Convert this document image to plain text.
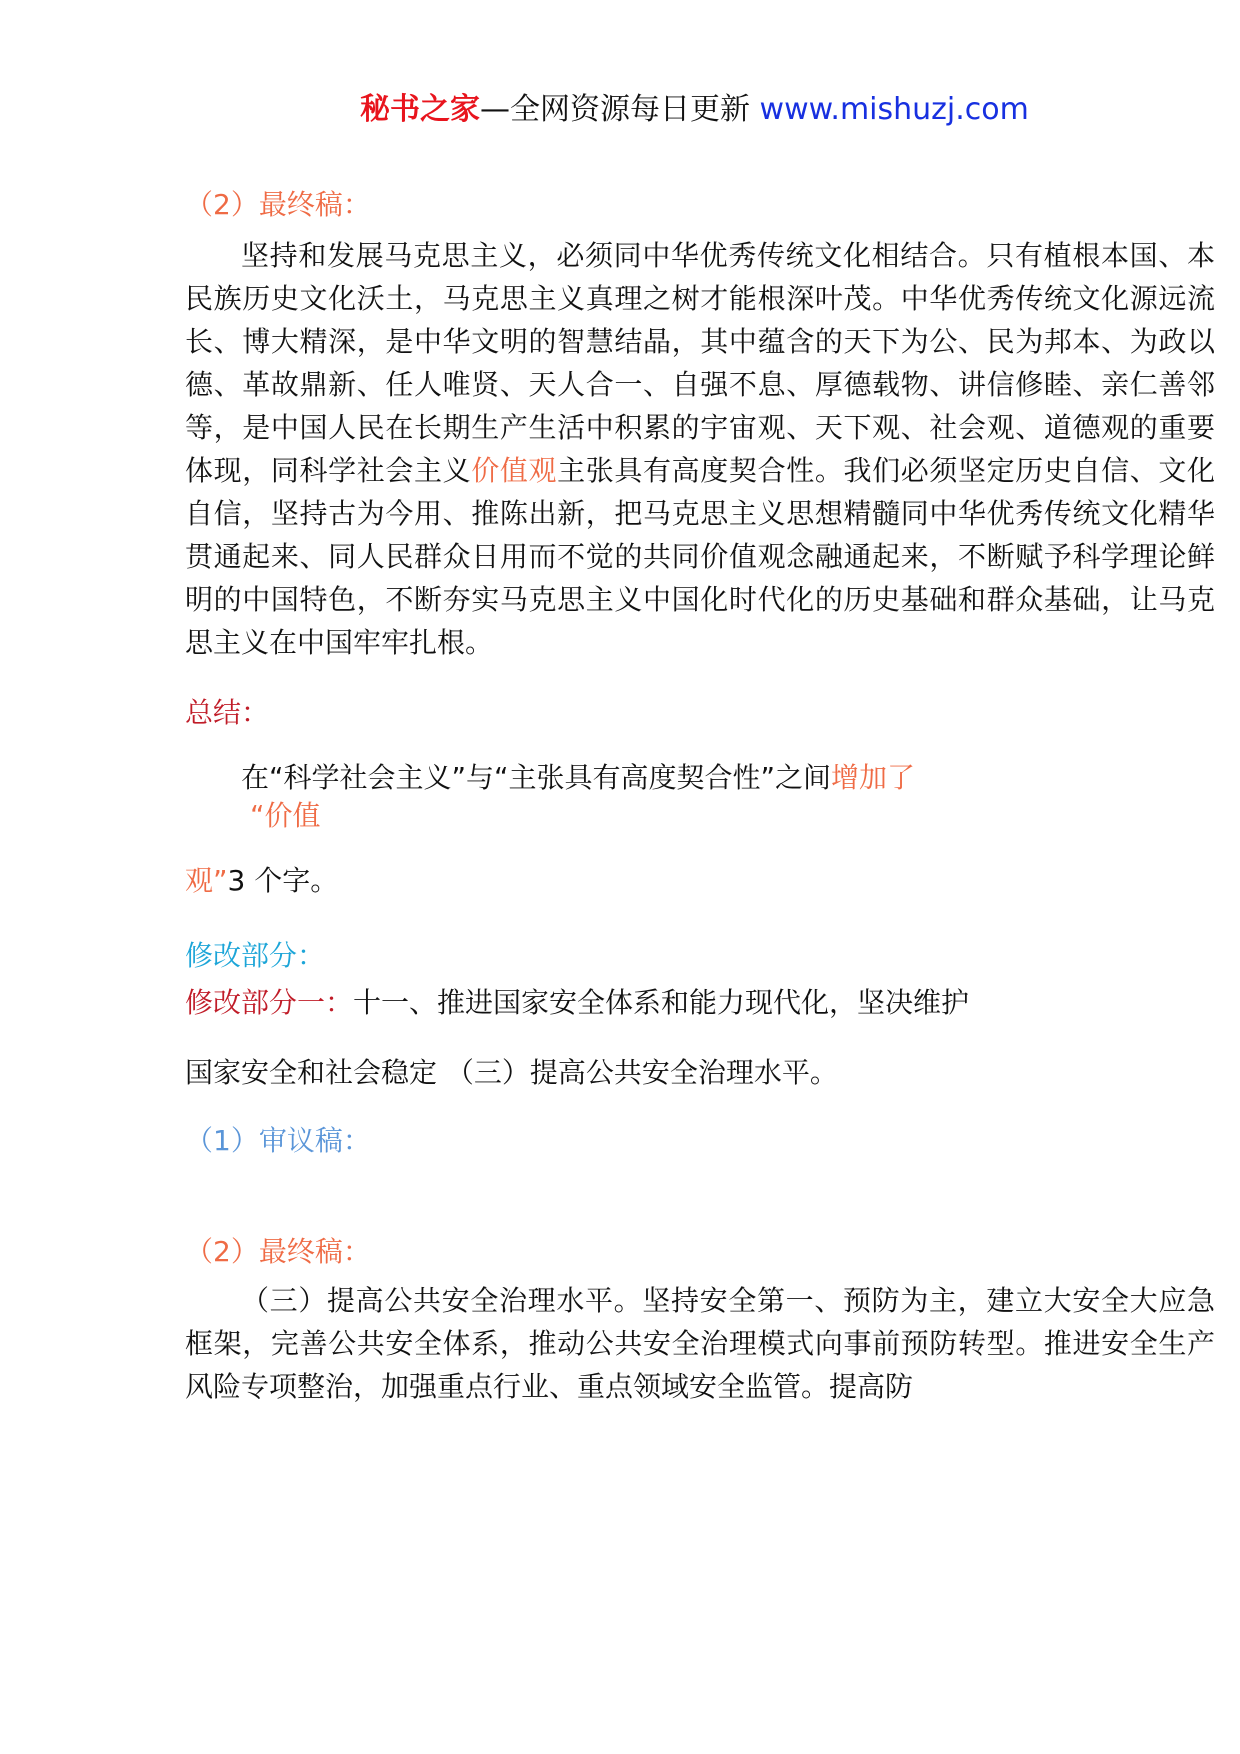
秘书之家—全网资源每日更新 www.mishuzj.com
（2）最终稿：

坚持和发展马克思主义，必须同中华优秀传统文化相结合。只有植根本国、本民族历史文化沃土，马克思主义真理之树才能根深叶茂。中华优秀传统文化源远流长、博大精深，是中华文明的智慧结晶，其中蕴含的天下为公、民为邦本、为政以德、革故鼎新、任人唯贤、天人合一、自强不息、厚德载物、讲信修睦、亲仁善邻等，是中国人民在长期生产生活中积累的宇宙观、天下观、社会观、道德观的重要体现，同科学社会主义价值观主张具有高度契合性。我们必须坚定历史自信、文化自信，坚持古为今用、推陈出新，把马克思主义思想精髓同中华优秀传统文化精华贯通起来、同人民群众日用而不觉的共同价值观念融通起来，不断赋予科学理论鲜明的中国特色，不断夯实马克思主义中国化时代化的历史基础和群众基础，让马克思主义在中国牢牢扎根。

总结：
在“科学社会主义”与“主张具有高度契合性”之间增加了
“价值
观”3 个字。
修改部分：
修改部分一：十一、推进国家安全体系和能力现代化，坚决维护
国家安全和社会稳定 （三）提高公共安全治理水平。
（1）审议稿：
（2）最终稿：

（三）提高公共安全治理水平。坚持安全第一、预防为主，建立大安全大应急框架，完善公共安全体系，推动公共安全治理模式向事前预防转型。推进安全生产风险专项整治，加强重点行业、重点领域安全监管。提高防
